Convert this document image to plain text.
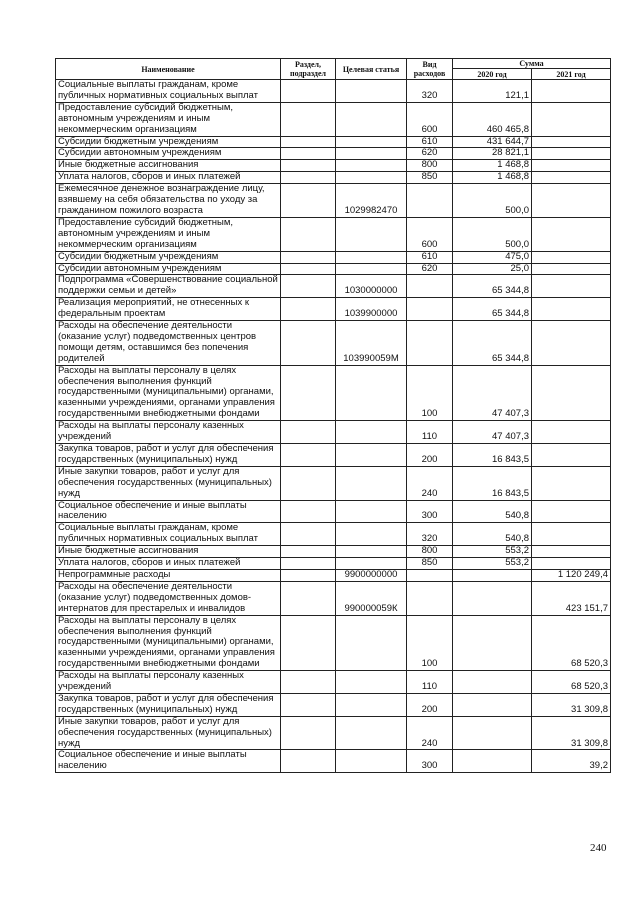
Наименование	Раздел, подраздел	Целевая статья	Вид расходов	Сумма	
				2020 год	2021 год
Социальные выплаты гражданам, кроме публичных нормативных социальных выплат			320	121,1	
Предоставление субсидий бюджетным, автономным учреждениям и иным некоммерческим организациям			600	460 465,8	
Субсидии бюджетным учреждениям			610	431 644,7	
Субсидии автономным учреждениям			620	28 821,1	
Иные бюджетные ассигнования			800	1 468,8	
Уплата налогов, сборов и иных платежей			850	1 468,8	
Ежемесячное денежное вознаграждение лицу, взявшему на себя обязательства по уходу за гражданином пожилого возраста		1029982470		500,0	
Предоставление субсидий бюджетным, автономным учреждениям и иным некоммерческим организациям			600	500,0	
Субсидии бюджетным учреждениям			610	475,0	
Субсидии автономным учреждениям			620	25,0	
Подпрограмма «Совершенствование социальной поддержки семьи и детей»		1030000000		65 344,8	
Реализация мероприятий, не отнесенных к федеральным проектам		1039900000		65 344,8	
Расходы на обеспечение деятельности (оказание услуг) подведомственных центров помощи детям, оставшимся без попечения родителей		103990059М		65 344,8	
Расходы на выплаты персоналу в целях обеспечения выполнения функций государственными (муниципальными) органами, казенными учреждениями, органами управления государственными внебюджетными фондами			100	47 407,3	
Расходы на выплаты персоналу казенных учреждений			110	47 407,3	
Закупка товаров, работ и услуг для обеспечения государственных (муниципальных) нужд			200	16 843,5	
Иные закупки товаров, работ и услуг для обеспечения государственных (муниципальных) нужд			240	16 843,5	
Социальное обеспечение и иные выплаты населению			300	540,8	
Социальные выплаты гражданам, кроме публичных нормативных социальных выплат			320	540,8	
Иные бюджетные ассигнования			800	553,2	
Уплата налогов, сборов и иных платежей			850	553,2	
Непрограммные расходы		9900000000			1 120 249,4
Расходы на обеспечение деятельности (оказание услуг) подведомственных домов-интернатов для престарелых и инвалидов		990000059К			423 151,7
Расходы на выплаты персоналу в целях обеспечения выполнения функций государственными (муниципальными) органами, казенными учреждениями, органами управления государственными внебюджетными фондами			100		68 520,3
Расходы на выплаты персоналу казенных учреждений			110		68 520,3
Закупка товаров, работ и услуг для обеспечения государственных (муниципальных) нужд			200		31 309,8
Иные закупки товаров, работ и услуг для обеспечения государственных (муниципальных) нужд			240		31 309,8
Социальное обеспечение и иные выплаты населению			300		39,2
240
